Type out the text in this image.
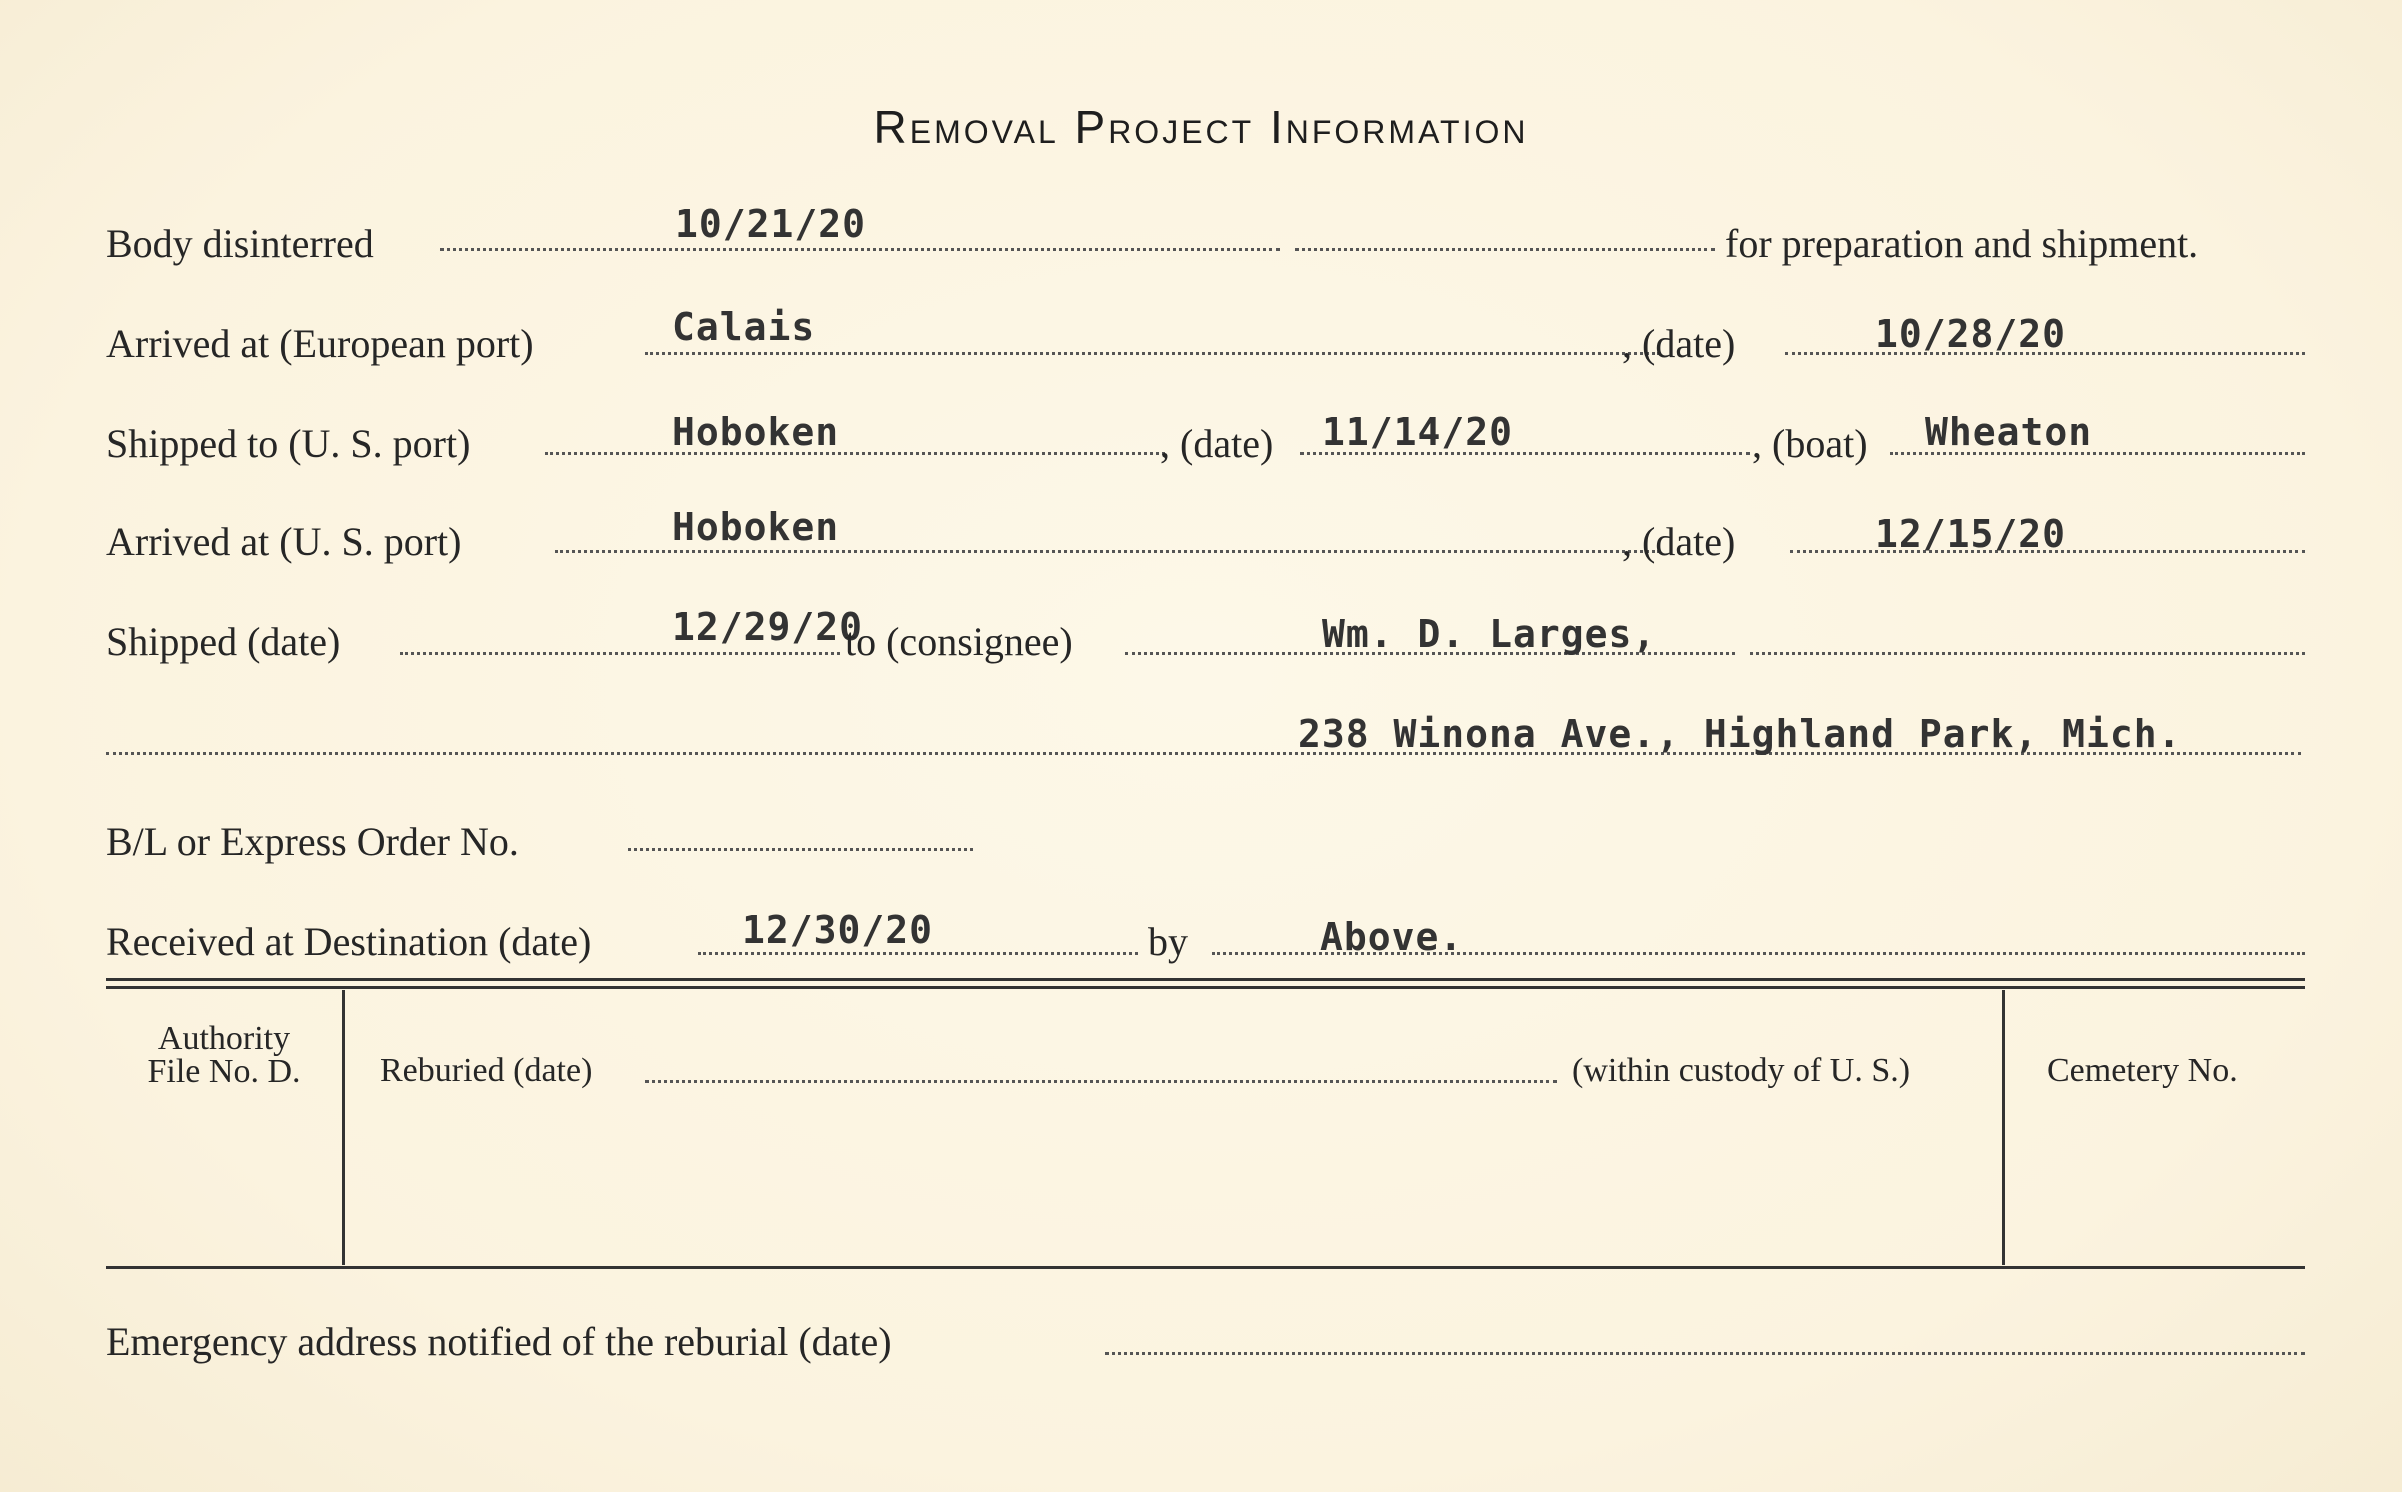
Removal Project Information
Body disinterred	10/21/20	for preparation and shipment.
Arrived at (European port)	Calais	, (date)	10/28/20
Shipped to (U. S. port)	Hoboken	, (date) 11/14/20	, (boat) Wheaton
Arrived at (U. S. port)	Hoboken	, (date)	12/15/20
Shipped (date)	12/29/20
to (consignee)	Wm. D. Larges,
238 Winona Ave., Highland Park, Mich.
B/L or Express Order No.
Received at Destination (date)	12/30/20	by	Above.
Authority
File No. D.	Reburied (date)	(within custody of U. S.)	Cemetery No.
Emergency address notified of the reburial (date)
